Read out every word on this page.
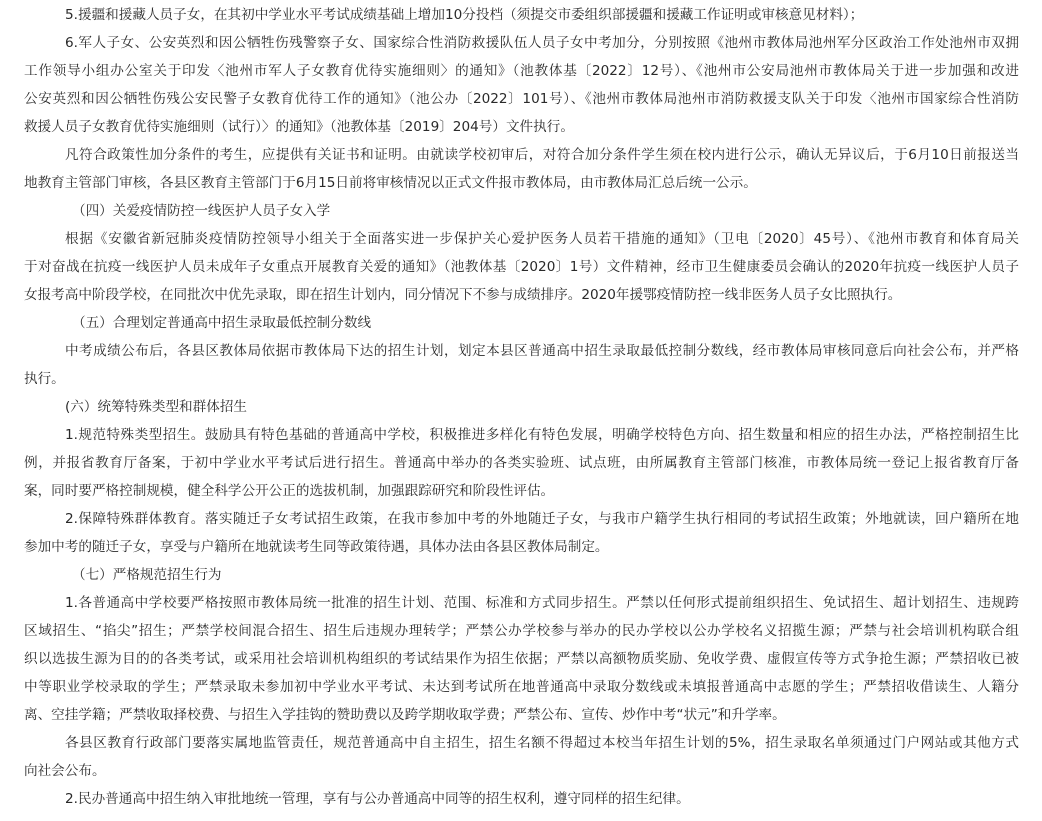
5.援疆和援藏人员子女，在其初中学业水平考试成绩基础上增加10分投档（须提交市委组织部援疆和援藏工作证明或审核意见材料）；
6.军人子女、公安英烈和因公牺牲伤残警察子女、国家综合性消防救援队伍人员子女中考加分，分别按照《池州市教体局池州军分区政治工作处池州市双拥
工作领导小组办公室关于印发〈池州市军人子女教育优待实施细则〉的通知》（池教体基〔2022〕12号）、《池州市公安局池州市教体局关于进一步加强和改进
公安英烈和因公牺牲伤残公安民警子女教育优待工作的通知》（池公办〔2022〕101号）、《池州市教体局池州市消防救援支队关于印发〈池州市国家综合性消防
救援人员子女教育优待实施细则（试行）〉的通知》（池教体基〔2019〕204号）文件执行。
凡符合政策性加分条件的考生，应提供有关证书和证明。由就读学校初审后，对符合加分条件学生须在校内进行公示，确认无异议后，于6月10日前报送当
地教育主管部门审核，各县区教育主管部门于6月15日前将审核情况以正式文件报市教体局，由市教体局汇总后统一公示。
（四）关爱疫情防控一线医护人员子女入学
根据《安徽省新冠肺炎疫情防控领导小组关于全面落实进一步保护关心爱护医务人员若干措施的通知》（卫电〔2020〕45号）、《池州市教育和体育局关
于对奋战在抗疫一线医护人员未成年子女重点开展教育关爱的通知》（池教体基〔2020〕1号）文件精神，经市卫生健康委员会确认的2020年抗疫一线医护人员子
女报考高中阶段学校，在同批次中优先录取，即在招生计划内，同分情况下不参与成绩排序。2020年援鄂疫情防控一线非医务人员子女比照执行。
（五）合理划定普通高中招生录取最低控制分数线
中考成绩公布后，各县区教体局依据市教体局下达的招生计划，划定本县区普通高中招生录取最低控制分数线，经市教体局审核同意后向社会公布，并严格
执行。
(六）统筹特殊类型和群体招生
1.规范特殊类型招生。鼓励具有特色基础的普通高中学校，积极推进多样化有特色发展，明确学校特色方向、招生数量和相应的招生办法，严格控制招生比
例，并报省教育厅备案，于初中学业水平考试后进行招生。普通高中举办的各类实验班、试点班，由所属教育主管部门核准，市教体局统一登记上报省教育厅备
案，同时要严格控制规模，健全科学公开公正的选拔机制，加强跟踪研究和阶段性评估。
2.保障特殊群体教育。落实随迁子女考试招生政策，在我市参加中考的外地随迁子女，与我市户籍学生执行相同的考试招生政策；外地就读，回户籍所在地
参加中考的随迁子女，享受与户籍所在地就读考生同等政策待遇，具体办法由各县区教体局制定。
（七）严格规范招生行为
1.各普通高中学校要严格按照市教体局统一批准的招生计划、范围、标准和方式同步招生。严禁以任何形式提前组织招生、免试招生、超计划招生、违规跨
区域招生、“掐尖”招生；严禁学校间混合招生、招生后违规办理转学；严禁公办学校参与举办的民办学校以公办学校名义招揽生源；严禁与社会培训机构联合组
织以选拔生源为目的的各类考试，或采用社会培训机构组织的考试结果作为招生依据；严禁以高额物质奖励、免收学费、虚假宣传等方式争抢生源；严禁招收已被
中等职业学校录取的学生；严禁录取未参加初中学业水平考试、未达到考试所在地普通高中录取分数线或未填报普通高中志愿的学生；严禁招收借读生、人籍分
离、空挂学籍；严禁收取择校费、与招生入学挂钩的赞助费以及跨学期收取学费；严禁公布、宣传、炒作中考“状元”和升学率。
各县区教育行政部门要落实属地监管责任，规范普通高中自主招生，招生名额不得超过本校当年招生计划的5%，招生录取名单须通过门户网站或其他方式
向社会公布。
2.民办普通高中招生纳入审批地统一管理，享有与公办普通高中同等的招生权利，遵守同样的招生纪律。
